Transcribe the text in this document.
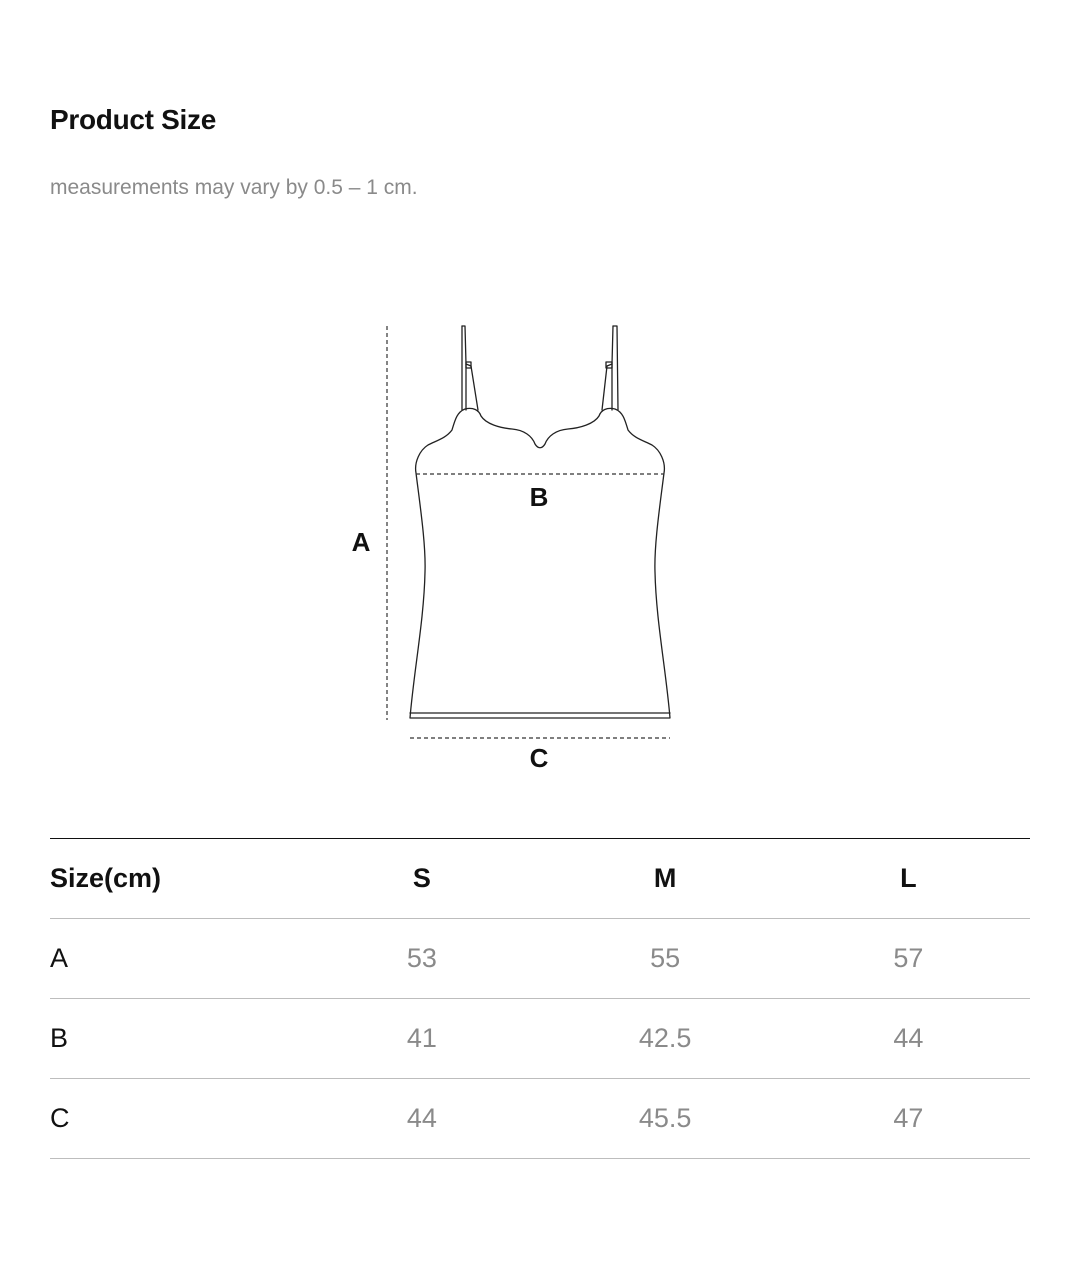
Product Size

measurements may vary by 0.5 – 1 cm.

A
B
C
Size(cm)	S	M	L
A	53	55	57
B	41	42.5	44
C	44	45.5	47
